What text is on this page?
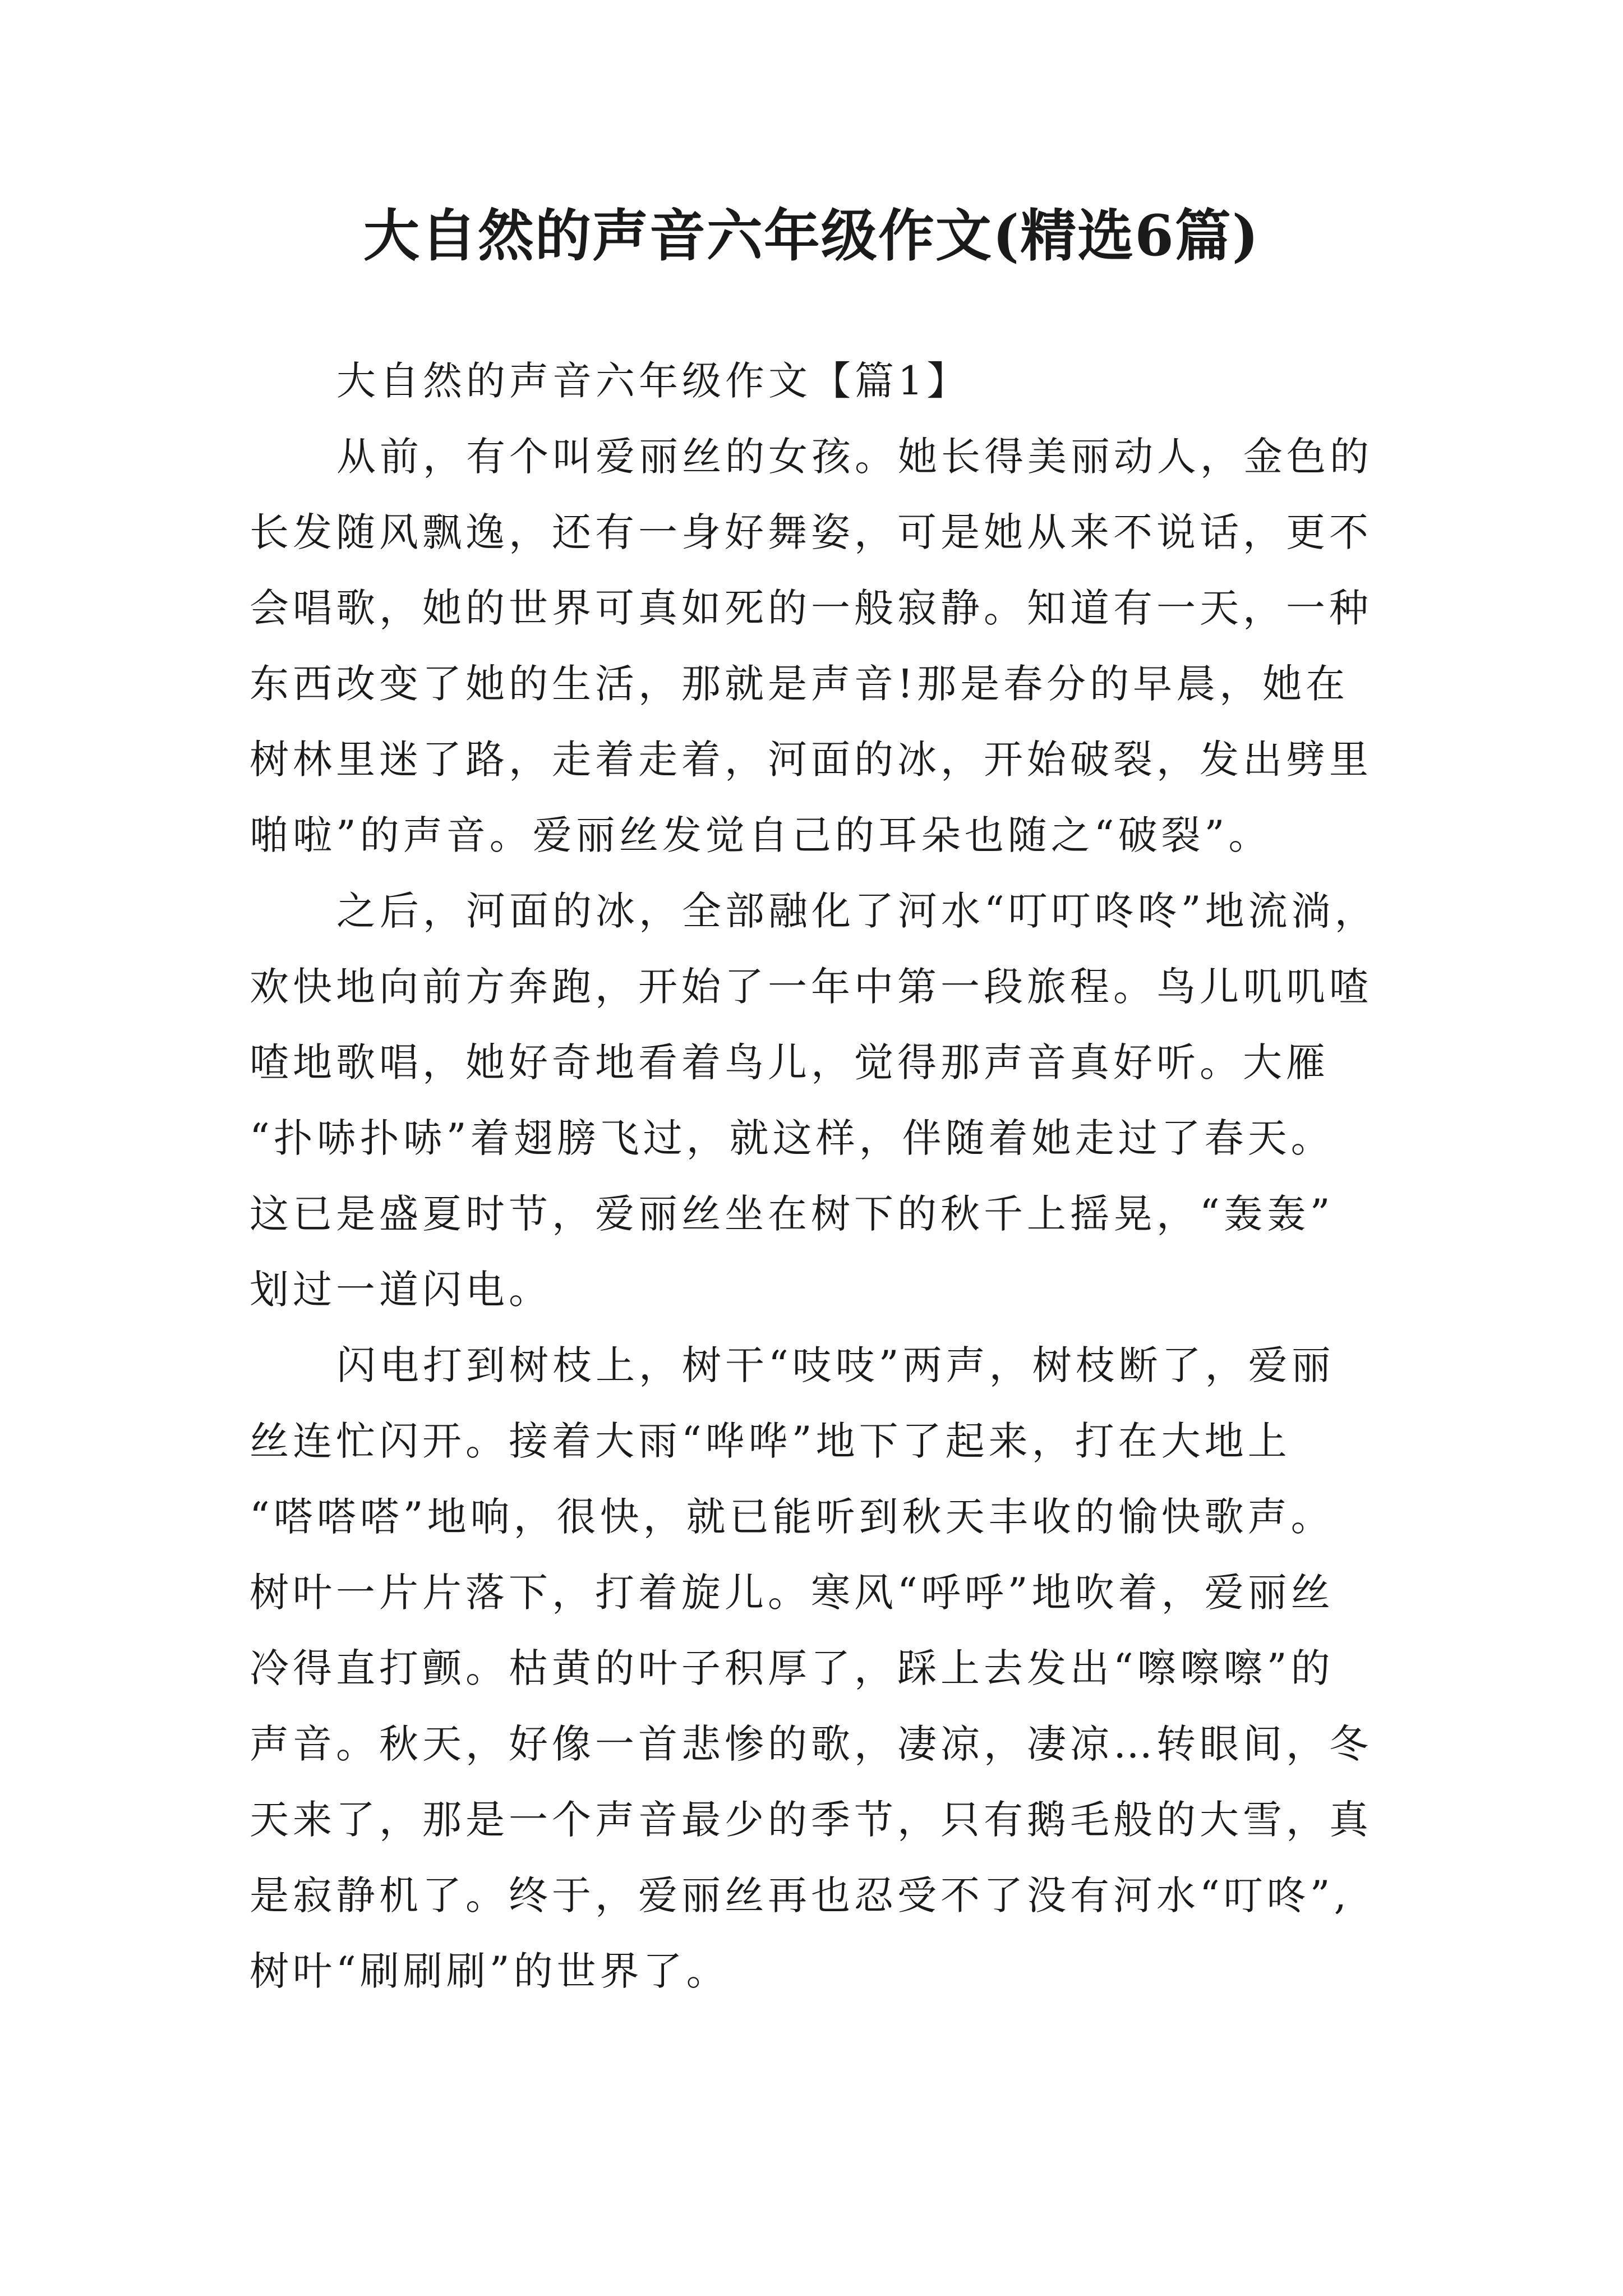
大自然的声音六年级作文(精选6篇)
大自然的声音六年级作文【篇1】
从前，有个叫爱丽丝的女孩。她长得美丽动人，金色的
长发随风飘逸，还有一身好舞姿，可是她从来不说话，更不
会唱歌，她的世界可真如死的一般寂静。知道有一天，一种
东西改变了她的生活，那就是声音!那是春分的早晨，她在
树林里迷了路，走着走着，河面的冰，开始破裂，发出劈里
啪啦”的声音。爱丽丝发觉自己的耳朵也随之“破裂”。
之后，河面的冰，全部融化了河水“叮叮咚咚”地流淌，
欢快地向前方奔跑，开始了一年中第一段旅程。鸟儿叽叽喳
喳地歌唱，她好奇地看着鸟儿，觉得那声音真好听。大雁
“扑哧扑哧”着翅膀飞过，就这样，伴随着她走过了春天。
这已是盛夏时节，爱丽丝坐在树下的秋千上摇晃，“轰轰”
划过一道闪电。
闪电打到树枝上，树干“吱吱”两声，树枝断了，爱丽
丝连忙闪开。接着大雨“哗哗”地下了起来，打在大地上
“嗒嗒嗒”地响，很快，就已能听到秋天丰收的愉快歌声。
树叶一片片落下，打着旋儿。寒风“呼呼”地吹着，爱丽丝
冷得直打颤。枯黄的叶子积厚了，踩上去发出“嚓嚓嚓”的
声音。秋天，好像一首悲惨的歌，凄凉，凄凉…转眼间，冬
天来了，那是一个声音最少的季节，只有鹅毛般的大雪，真
是寂静机了。终于，爱丽丝再也忍受不了没有河水“叮咚”,
树叶“刷刷刷”的世界了。
